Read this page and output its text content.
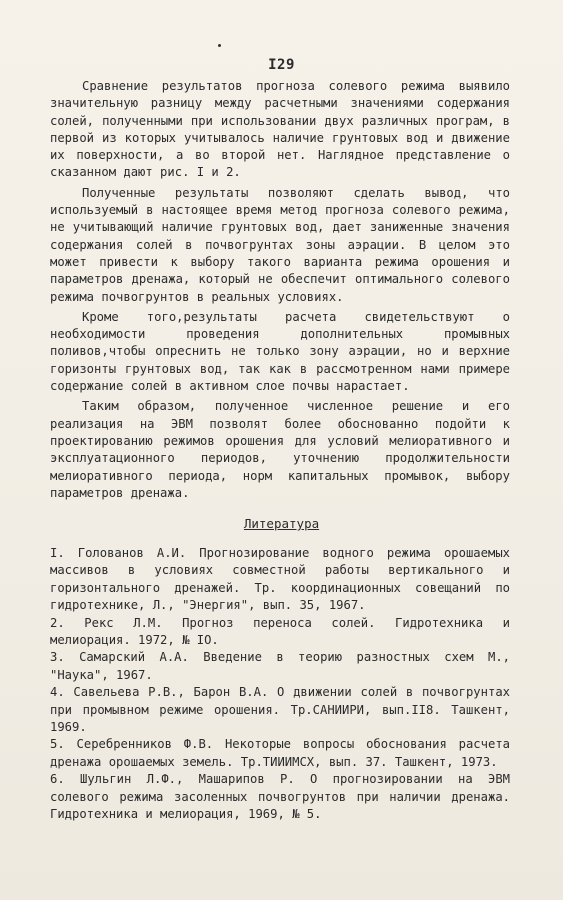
I29

Сравнение результатов прогноза солевого режима выявило значительную разницу между расчетными значениями содержания солей, полученными при использовании двух различных програм, в первой из которых учитывалось наличие грунтовых вод и движение их поверхности, а во второй нет. Наглядное представление о сказанном дают рис. I и 2.

Полученные результаты позволяют сделать вывод, что используемый в настоящее время метод прогноза солевого режима, не учитывающий наличие грунтовых вод, дает заниженные значения содержания солей в почвогрунтах зоны аэрации. В целом это может привести к выбору такого варианта режима орошения и параметров дренажа, который не обеспечит оптимального солевого режима почвогрунтов в реальных условиях.

Кроме того,результаты расчета свидетельствуют о необходимости проведения дополнительных промывных поливов,чтобы опреснить не только зону аэрации, но и верхние горизонты грунтовых вод, так как в рассмотренном нами примере содержание солей в активном слое почвы нарастает.

Таким образом, полученное численное решение и его реализация на ЭВМ позволят более обоснованно подойти к проектированию режимов орошения для условий мелиоративного и эксплуатационного периодов, уточнению продолжительности мелиоративного периода, норм капитальных промывок, выбору параметров дренажа.

Литература

I. Голованов А.И. Прогнозирование водного режима орошаемых массивов в условиях совместной работы вертикального и горизонтального дренажей. Тр. координационных совещаний по гидротехнике, Л., "Энергия", вып. 35, 1967.

2. Рекс Л.М. Прогноз переноса солей. Гидротехника и мелиорация. 1972, № IO.

3. Самарский А.А. Введение в теорию разностных схем М., "Наука", 1967.

4. Савельева Р.В., Барон В.А. О движении солей в почвогрунтах при промывном режиме орошения. Тр.САНИИРИ, вып.II8. Ташкент, 1969.

5. Серебренников Ф.В. Некоторые вопросы обоснования расчета дренажа орошаемых земель. Тр.ТИИИМСХ, вып. 37. Ташкент, 1973.

6. Шульгин Л.Ф., Машарипов Р. О прогнозировании на ЭВМ солевого режима засоленных почвогрунтов при наличии дренажа. Гидротехника и мелиорация, 1969, № 5.
